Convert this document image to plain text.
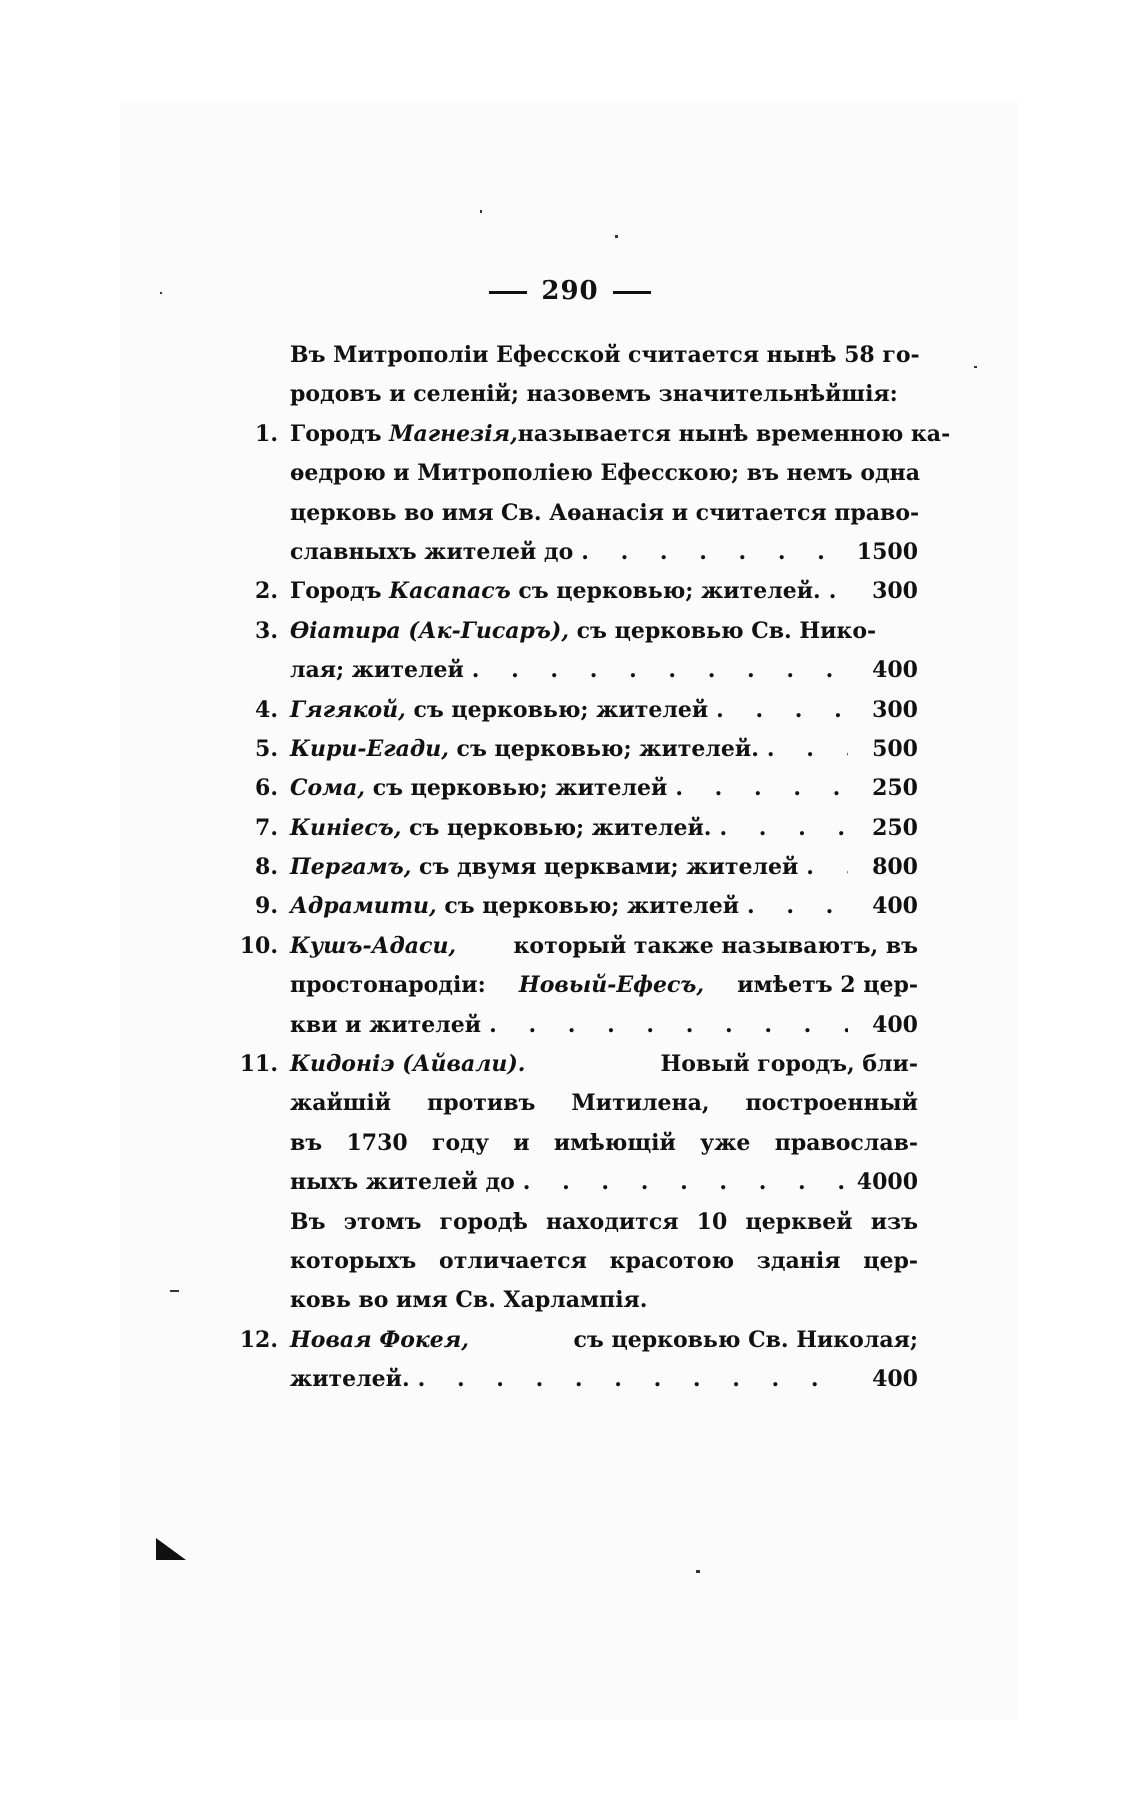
290
Въ Митрополіи Ефесской считается нынѣ 58 го-
родовъ и селеній; назовемъ значительнѣйшія:
1. Городъ Магнезія, называется нынѣ временною ка-
ѳедрою и Митрополіею Ефесскою; въ немъ одна
церковь во имя Св. Аѳанасія и считается право-
славныхъ жителей до . . .	1500
2. Городъ
Касапасъ
съ церковью; жителей. . . .	300
3. Ѳіатира (Ак-Гисаръ),
съ церковью Св. Нико-
лая; жителей . . .	400
4. Гягякой,
съ церковью; жителей . . .	300
5. Кири-Егади,
съ церковью; жителей. . . .	500
6. Сома,
съ церковью; жителей . . .	250
7. Киніесъ,
съ церковью; жителей. . . .	250
8. Пергамъ,
съ двумя церквами; жителей . . .	800
9. Адрамити,
съ церковью; жителей . . .	400
10. Кушъ-Адаси,	который также называютъ, въ
простонародіи: Новый-Ефесъ, имѣетъ 2 цер-
кви и жителей . . .	400
11. Кидоніэ (Айвали).	Новый городъ, бли-
жайшій противъ Митилена, построенный
въ 1730 году и имѣющій уже православ-
ныхъ жителей до . . .	4000
Въ этомъ городѣ находится 10 церквей изъ
которыхъ отличается красотою зданія цер-
ковь во имя Св. Харлампія.
12. Новая Фокея,	съ церковью Св. Николая;
жителей. . . .	400
